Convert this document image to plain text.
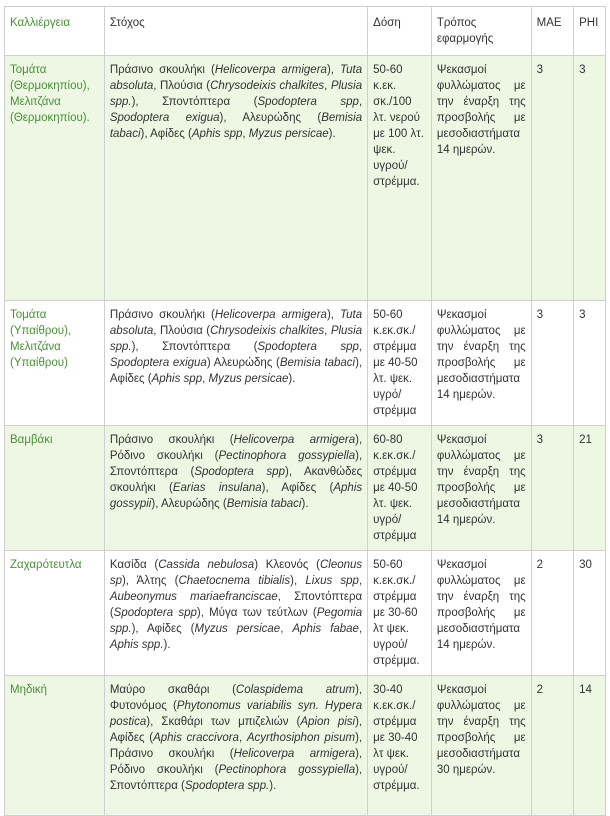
Καλλιέργεια	Στόχος	Δόση	Τρόπος εφαρμογής	ΜΑΕ	PHI
Τομάτα (Θερμοκηπίου), Μελιτζάνα (Θερμοκηπίου).	Πράσινο σκουλήκι (Helicoverpa armigera), Tuta absoluta, Πλούσια (Chrysodeixis chalkites, Plusia spp.), Σποντόπτερα (Spodoptera spp, Spodoptera exigua), Αλευρώδης (Bemisia tabaci), Αφίδες (Aphis spp, Myzus persicae).	50-60 κ.εκ. σκ./100 λτ. νερού με 100 λτ. ψεκ. υγρού/ στρέμμα.	Ψεκασμοί φυλλώματος με την έναρξη της προσβολής με μεσοδιαστήματα 14 ημερών.	3	3
Τομάτα (Υπαίθρου), Μελιτζάνα (Υπαίθρου)	Πράσινο σκουλήκι (Helicoverpa armigera), Tuta absoluta, Πλούσια (Chrysodeixis chalkites, Plusia spp.), Σποντόπτερα (Spodoptera spp, Spodoptera exigua) Αλευρώδης (Bemisia tabaci), Αφίδες (Aphis spp, Myzus persicae).	50-60 κ.εκ.σκ./ στρέμμα με 40-50 λτ. ψεκ. υγρό/ στρέμμα	Ψεκασμοί φυλλώματος με την έναρξη της προσβολής με μεσοδιαστήματα 14 ημερών.	3	3
Βαμβάκι	Πράσινο σκουλήκι (Helicoverpa armigera), Ρόδινο σκουλήκι (Pectinophora gossypiella), Σποντόπτερα (Spodoptera spp), Ακανθώδες σκουλήκι (Earias insulana), Αφίδες (Aphis gossypii), Αλευρώδης (Bemisia tabaci).	60-80 κ.εκ.σκ./ στρέμμα με 40-50 λτ. ψεκ. υγρό/ στρέμμα	Ψεκασμοί φυλλώματος με την έναρξη της προσβολής με μεσοδιαστήματα 14 ημερών.	3	21
Ζαχαρότευτλα	Κασίδα (Cassida nebulosa) Κλεονός (Cleonus sp), Άλτης (Chaetocnema tibialis), Lixus spp, Aubeonymus mariaefranciscae, Σποντόπτερα (Spodoptera spp), Μύγα των τεύτλων (Pegomia spp.), Αφίδες (Myzus persicae, Aphis fabae, Aphis spp.).	50-60 κ.εκ.σκ./ στρέμμα με 30-60 λτ ψεκ. υγρού/ στρέμμα.	Ψεκασμοί φυλλώματος με την έναρξη της προσβολής με μεσοδιαστήματα 14 ημερών.	2	30
Μηδική	Μαύρο σκαθάρι (Colaspidema atrum), Φυτονόμος (Phytonomus variabilis syn. Hypera postica), Σκαθάρι των μπιζελιών (Apion pisi), Αφίδες (Aphis craccivora, Acyrthosiphon pisum), Πράσινο σκουλήκι (Helicoverpa armigera), Ρόδινο σκουλήκι (Pectinophora gossypiella), Σποντόπτερα (Spodoptera spp.).	30-40 κ.εκ.σκ./ στρέμμα με 30-40 λτ ψεκ. υγρού/ στρέμμα.	Ψεκασμοί φυλλώματος με την έναρξη της προσβολής με μεσοδιαστήματα 30 ημερών.	2	14
